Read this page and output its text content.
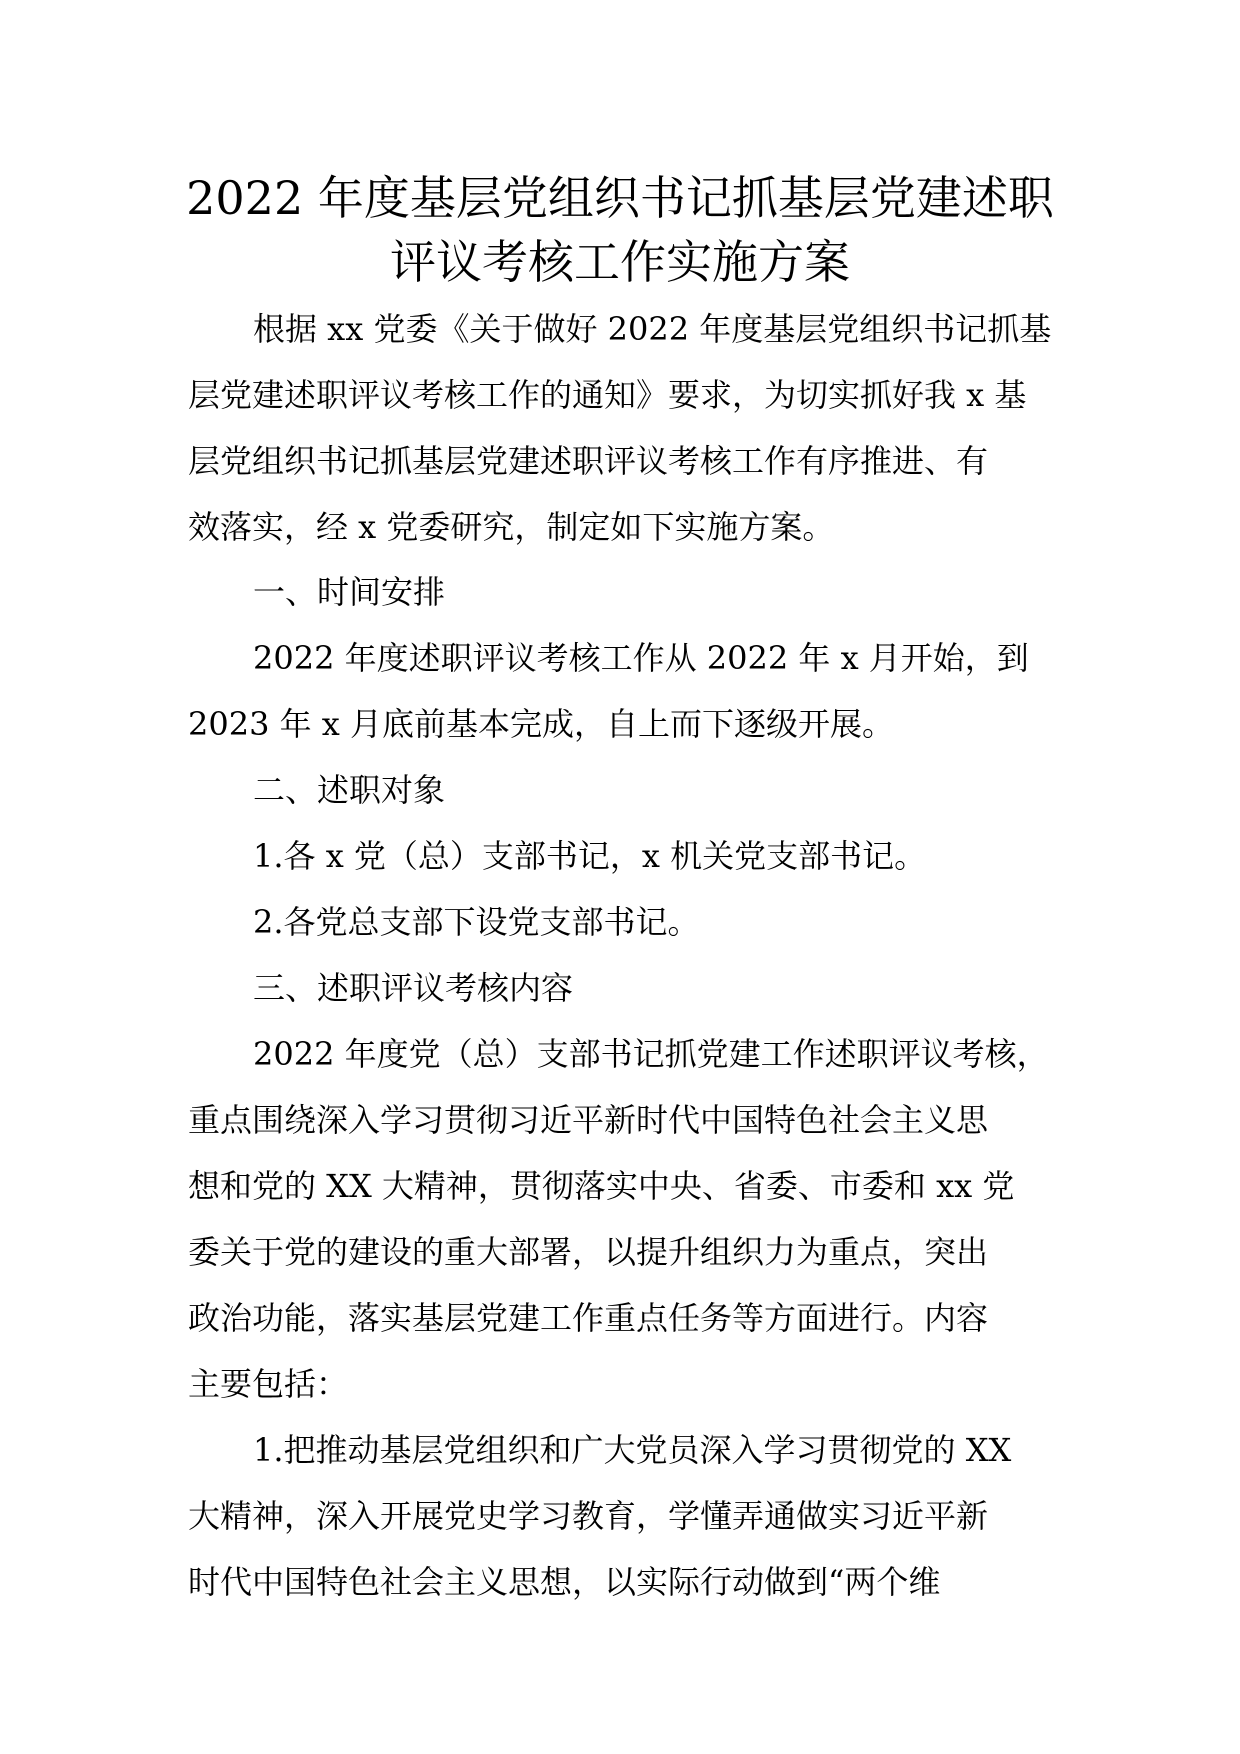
2022 年度基层党组织书记抓基层党建述职
评议考核工作实施方案
根据 xx 党委《关于做好 2022 年度基层党组织书记抓基
层党建述职评议考核工作的通知》要求，为切实抓好我 x 基
层党组织书记抓基层党建述职评议考核工作有序推进、有
效落实，经 x 党委研究，制定如下实施方案。
一、时间安排
2022 年度述职评议考核工作从 2022 年 x 月开始，到
2023 年 x 月底前基本完成，自上而下逐级开展。
二、述职对象
1.各 x 党（总）支部书记，x 机关党支部书记。
2.各党总支部下设党支部书记。
三、述职评议考核内容
2022 年度党（总）支部书记抓党建工作述职评议考核，
重点围绕深入学习贯彻习近平新时代中国特色社会主义思
想和党的 XX 大精神，贯彻落实中央、省委、市委和 xx 党
委关于党的建设的重大部署，以提升组织力为重点，突出
政治功能，落实基层党建工作重点任务等方面进行。内容
主要包括：
1.把推动基层党组织和广大党员深入学习贯彻党的 XX
大精神，深入开展党史学习教育，学懂弄通做实习近平新
时代中国特色社会主义思想，以实际行动做到“两个维
